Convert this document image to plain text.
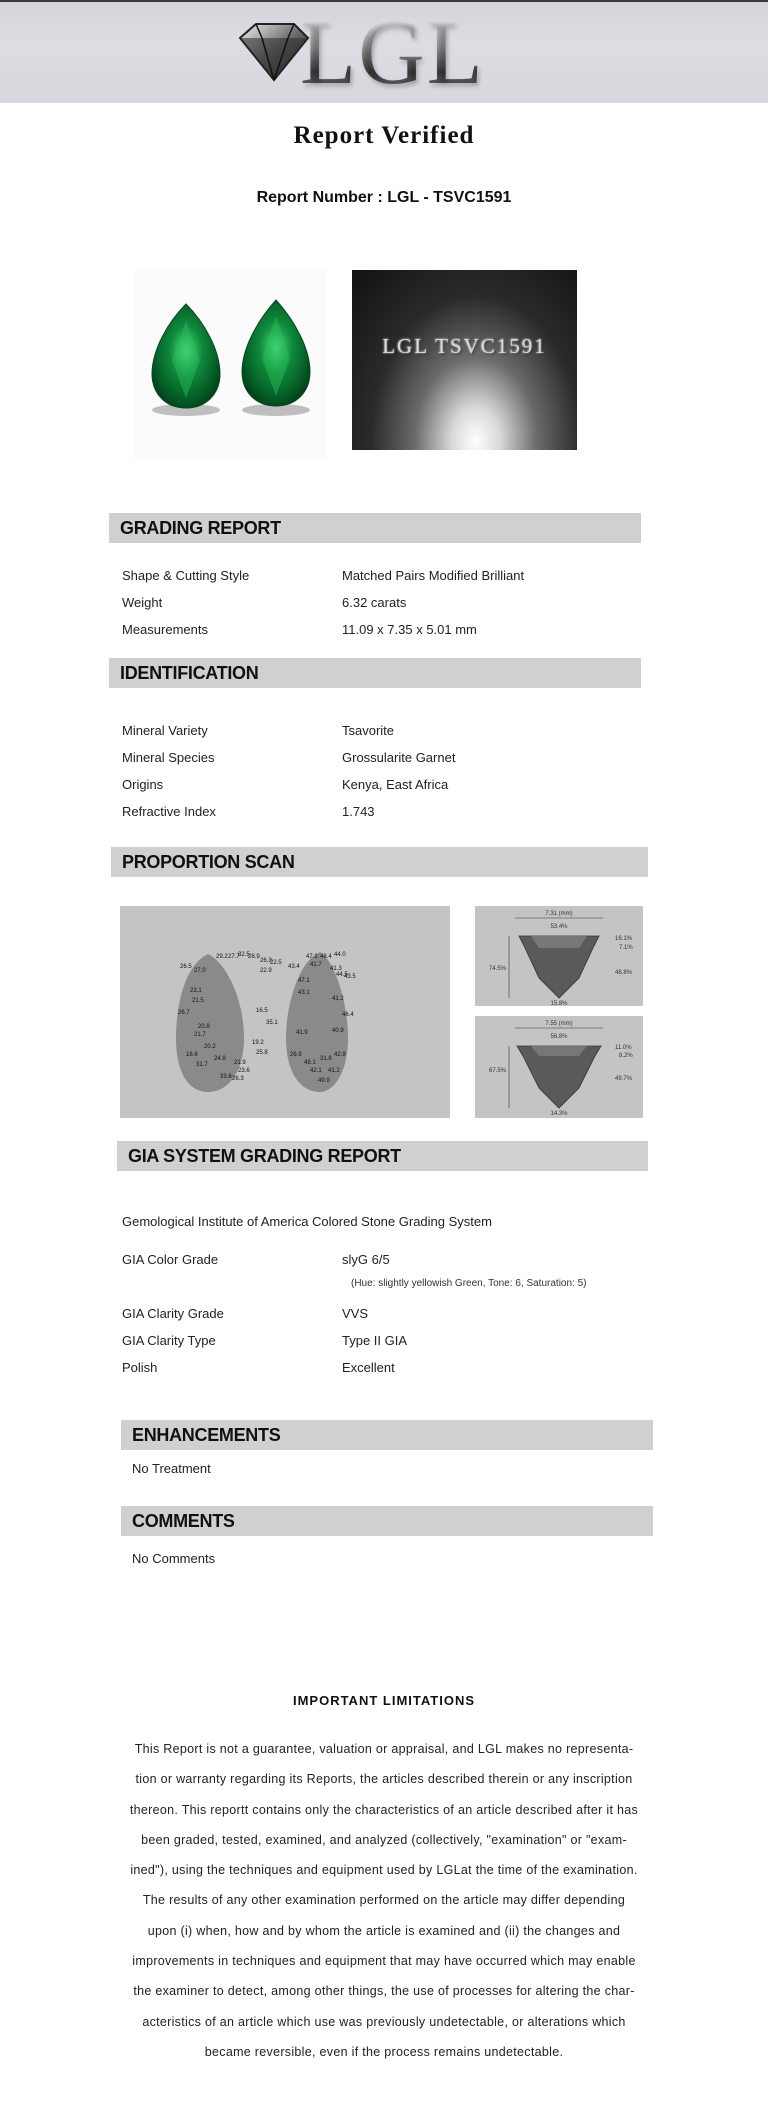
LGL
Report Verified
Report Number : LGL - TSVC1591
LGL TSVC1591
GRADING REPORT
Shape & Cutting Style	Matched Pairs Modified Brilliant
Weight	6.32 carats
Measurements	11.09 x 7.35 x 5.01 mm
IDENTIFICATION
Mineral Variety	Tsavorite
Mineral Species	Grossularite Garnet
Origins	Kenya, East Africa
Refractive Index	1.743
PROPORTION SCAN
29.2 27.7
32.5
28.9
26.3
22.5
26.5
27.0	22.9
23.1
21.5
26.7	16.5
20.8
35.1
21.7
19.2
20.2
25.8
16.6
24.8
31.7	21.9
23.6
33.6 26.3
47.1 48.4 44.0
43.4 41.7
41.3
47.1
44.5
43.1
41.2
43.5
46.4
41.9	40.9
26.9
48.1
31.8
42.1 41.2
42.9
49.9
7.31 (mm)
53.4%
74.5%
16.1%
7.1%
48.8%
15.8%
7.55 (mm)
56.8%
67.5%
11.0%
8.2%
49.7%
14.3%
GIA SYSTEM GRADING REPORT
Gemological Institute of America Colored Stone Grading System
GIA Color Grade	slyG 6/5
(Hue: slightly yellowish Green, Tone: 6, Saturation: 5)
GIA Clarity Grade	VVS
GIA Clarity Type	Type II GIA
Polish	Excellent
ENHANCEMENTS
No Treatment
COMMENTS
No Comments
IMPORTANT LIMITATIONS
This Report is not a guarantee, valuation or appraisal, and LGL makes no representa-
tion or warranty regarding its Reports, the articles described therein or any inscription
thereon. This reportt contains only the characteristics of an article described after it has
been graded, tested, examined, and analyzed (collectively, "examination" or "exam-
ined"), using the techniques and equipment used by LGLat the time of the examination.
The results of any other examination performed on the article may differ depending
upon (i) when, how and by whom the article is examined and (ii) the changes and
improvements in techniques and equipment that may have occurred which may enable
the examiner to detect, among other things, the use of processes for altering the char-
acteristics of an article which use was previously undetectable, or alterations which
became reversible, even if the process remains undetectable.
